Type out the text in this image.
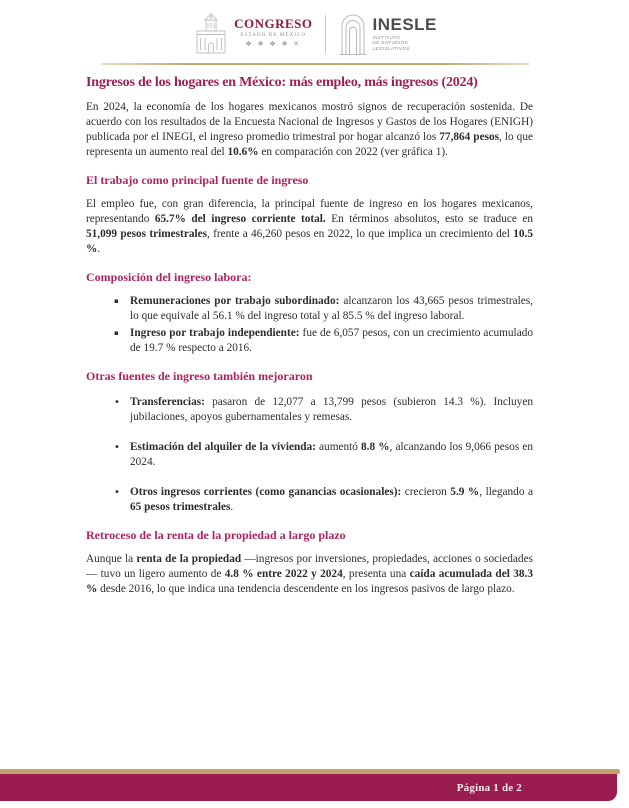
CONGRESO
ESTADO DE MÉXICO
❖ ❖ ❖ ❖ ✕
INESLE
INSTITUTO
DE ESTUDIOS
LEGISLATIVOS
Ingresos de los hogares en México: más empleo, más ingresos (2024)

En 2024, la economía de los hogares mexicanos mostró signos de recuperación sostenida. De acuerdo con los resultados de la Encuesta Nacional de Ingresos y Gastos de los Hogares (ENIGH) publicada por el INEGI, el ingreso promedio trimestral por hogar alcanzó los 77,864 pesos, lo que representa un aumento real del 10.6% en comparación con 2022 (ver gráfica 1).

El trabajo como principal fuente de ingreso

El empleo fue, con gran diferencia, la principal fuente de ingreso en los hogares mexicanos, representando 65.7% del ingreso corriente total. En términos absolutos, esto se traduce en 51,099 pesos trimestrales, frente a 46,260 pesos en 2022, lo que implica un crecimiento del 10.5 %.

Composición del ingreso labora:
▪ Remuneraciones por trabajo subordinado: alcanzaron los 43,665 pesos trimestrales, lo que equivale al 56.1 % del ingreso total y al 85.5 % del ingreso laboral.
▪ Ingreso por trabajo independiente: fue de 6,057 pesos, con un crecimiento acumulado de 19.7 % respecto a 2016.
Otras fuentes de ingreso también mejoraron
• Transferencias: pasaron de 12,077 a 13,799 pesos (subieron 14.3 %). Incluyen jubilaciones, apoyos gubernamentales y remesas.
• Estimación del alquiler de la vivienda: aumentó 8.8 %, alcanzando los 9,066 pesos en 2024.
• Otros ingresos corrientes (como ganancias ocasionales): crecieron 5.9 %, llegando a 65 pesos trimestrales.
Retroceso de la renta de la propiedad a largo plazo

Aunque la renta de la propiedad —ingresos por inversiones, propiedades, acciones o sociedades— tuvo un ligero aumento de 4.8 % entre 2022 y 2024, presenta una caída acumulada del 38.3 % desde 2016, lo que indica una tendencia descendente en los ingresos pasivos de largo plazo.

Página 1 de 2
